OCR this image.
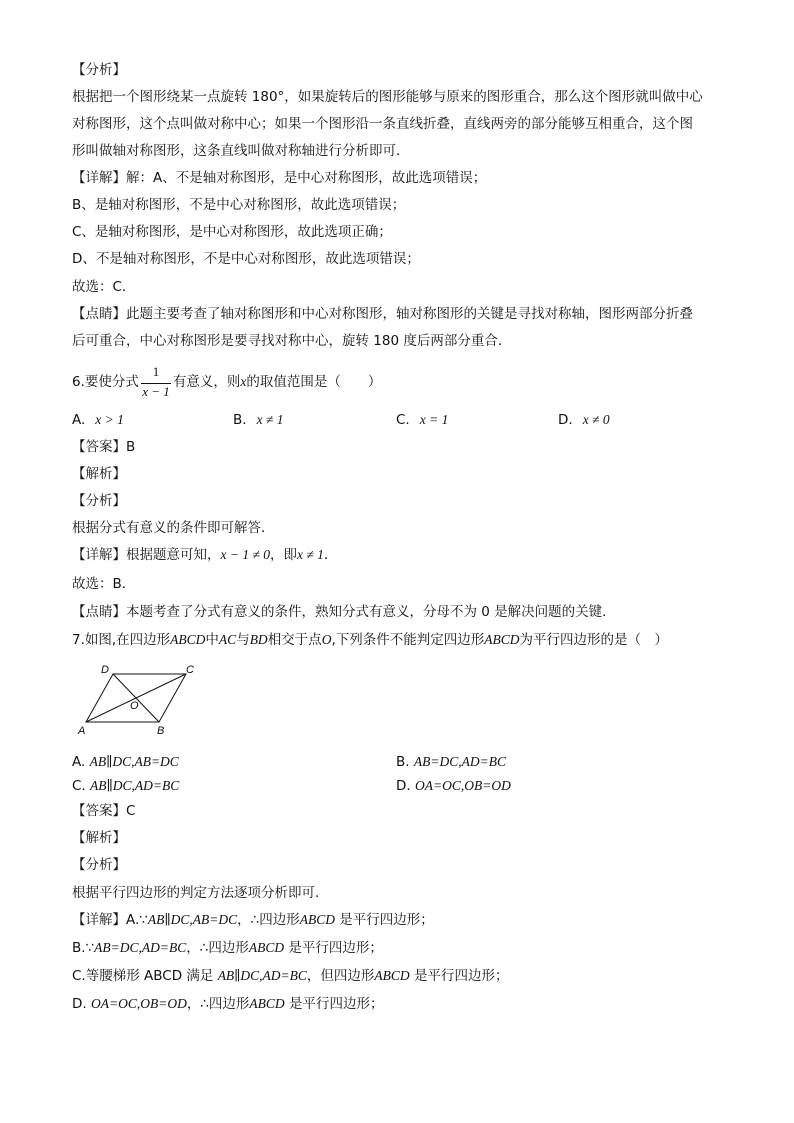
【分析】
根据把一个图形绕某一点旋转 180°，如果旋转后的图形能够与原来的图形重合，那么这个图形就叫做中心
对称图形，这个点叫做对称中心；如果一个图形沿一条直线折叠，直线两旁的部分能够互相重合，这个图
形叫做轴对称图形，这条直线叫做对称轴进行分析即可．
【详解】解：A、不是轴对称图形，是中心对称图形，故此选项错误；
B、是轴对称图形，不是中心对称图形，故此选项错误；
C、是轴对称图形，是中心对称图形，故此选项正确；
D、不是轴对称图形，不是中心对称图形，故此选项错误；
故选：C．
【点睛】此题主要考查了轴对称图形和中心对称图形，轴对称图形的关键是寻找对称轴，图形两部分折叠
后可重合，中心对称图形是要寻找对称中心，旋转 180 度后两部分重合．
6.要使分式	有意义，则x的取值范围是（　　）
1
x − 1
A. x > 1	B. x ≠ 1	C. x = 1	D. x ≠ 0
【答案】B
【解析】
【分析】
根据分式有意义的条件即可解答．
【详解】根据题意可知，x − 1 ≠ 0，即x ≠ 1．
故选：B．
【点睛】本题考查了分式有意义的条件，熟知分式有意义，分母不为 0 是解决问题的关键．
7.如图,在四边形ABCD中AC与BD相交于点O,下列条件不能判定四边形ABCD为平行四边形的是（　）
A	B
C
D
O
A. AB∥DC,AB=DC	B. AB=DC,AD=BC
C. AB∥DC,AD=BC	D. OA=OC,OB=OD
【答案】C
【解析】
【分析】
根据平行四边形的判定方法逐项分析即可.
【详解】A.∵AB∥DC,AB=DC，∴四边形ABCD 是平行四边形；
B.∵AB=DC,AD=BC，∴四边形ABCD 是平行四边形；
C.等腰梯形 ABCD 满足 AB∥DC,AD=BC，但四边形ABCD 是平行四边形；
D. OA=OC,OB=OD，∴四边形ABCD 是平行四边形；
